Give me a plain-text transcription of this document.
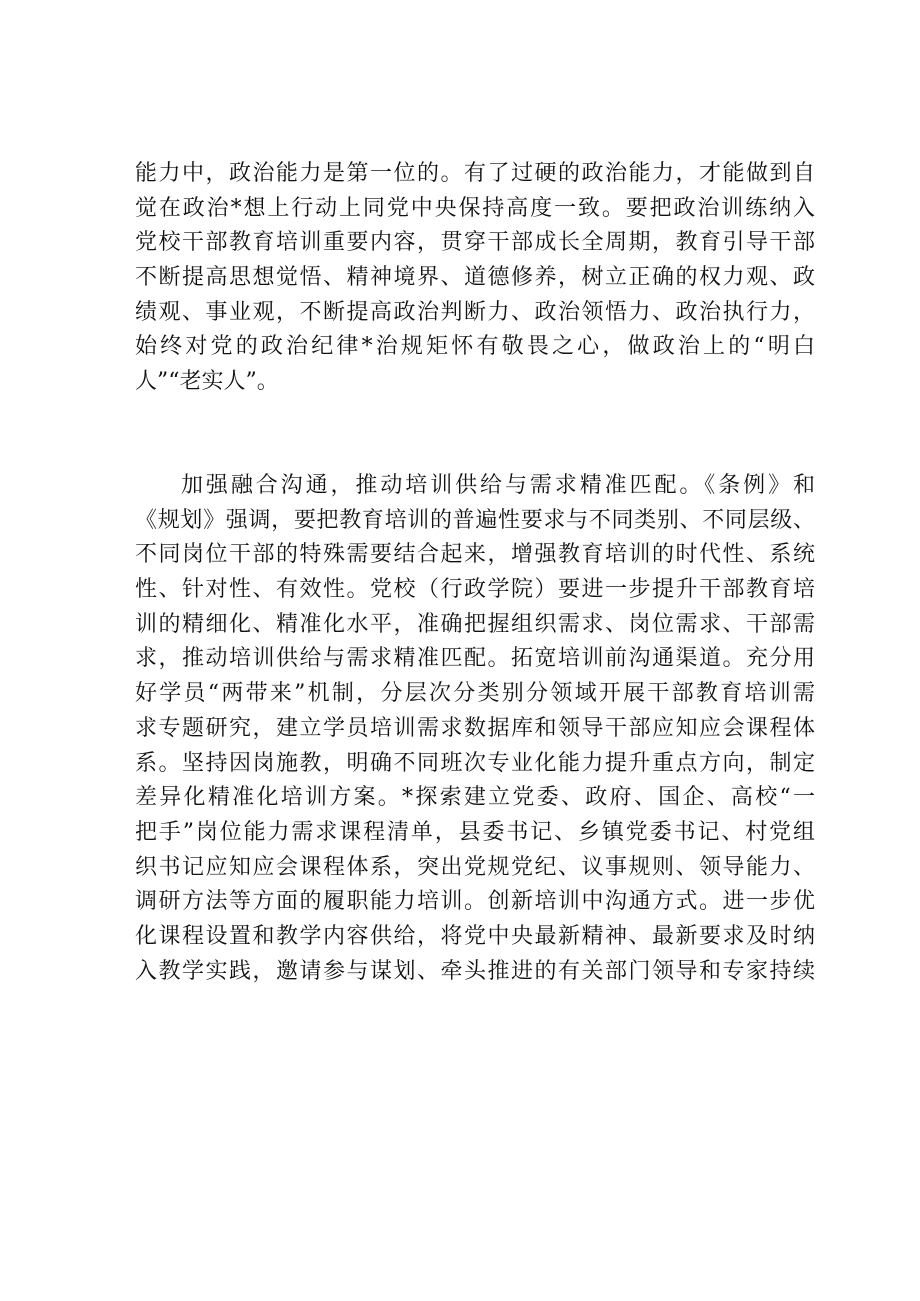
能力中，政治能力是第一位的。有了过硬的政治能力，才能做到自
觉在政治*想上行动上同党中央保持高度一致。要把政治训练纳入
党校干部教育培训重要内容，贯穿干部成长全周期，教育引导干部
不断提高思想觉悟、精神境界、道德修养，树立正确的权力观、政
绩观、事业观，不断提高政治判断力、政治领悟力、政治执行力，
始终对党的政治纪律*治规矩怀有敬畏之心，做政治上的“明白
人”“老实人”。
加强融合沟通，推动培训供给与需求精准匹配。《条例》和
《规划》强调，要把教育培训的普遍性要求与不同类别、不同层级、
不同岗位干部的特殊需要结合起来，增强教育培训的时代性、系统
性、针对性、有效性。党校（行政学院）要进一步提升干部教育培
训的精细化、精准化水平，准确把握组织需求、岗位需求、干部需
求，推动培训供给与需求精准匹配。拓宽培训前沟通渠道。充分用
好学员“两带来”机制，分层次分类别分领域开展干部教育培训需
求专题研究，建立学员培训需求数据库和领导干部应知应会课程体
系。坚持因岗施教，明确不同班次专业化能力提升重点方向，制定
差异化精准化培训方案。*探索建立党委、政府、国企、高校“一
把手”岗位能力需求课程清单，县委书记、乡镇党委书记、村党组
织书记应知应会课程体系，突出党规党纪、议事规则、领导能力、
调研方法等方面的履职能力培训。创新培训中沟通方式。进一步优
化课程设置和教学内容供给，将党中央最新精神、最新要求及时纳
入教学实践，邀请参与谋划、牵头推进的有关部门领导和专家持续
